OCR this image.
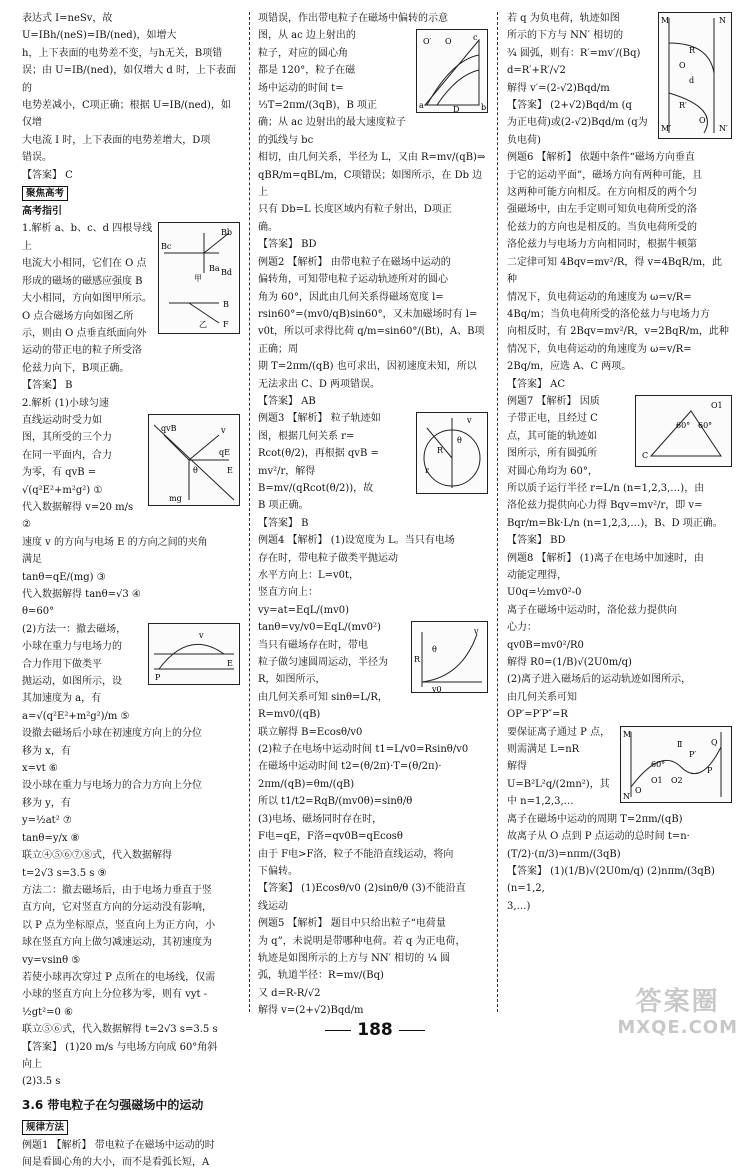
表达式 I=neSv，故 U=IBh/(neS)=IB/(ned)，如增大

h，上下表面的电势差不变，与h无关，B项错

误；由 U=IB/(ned)，如仅增大 d 时，上下表面的

电势差减小，C项正确；根据 U=IB/(ned)，如仅增

大电流 I 时，上下表面的电势差增大，D项

错误。

【答案】 C

聚焦高考
高考指引
Bb
Bc
Ba Bd
甲
B
F
乙

1.解析 a、b、c、d 四根导线上

电流大小相同，它们在 O 点

形成的磁场的磁感应强度 B

大小相同，方向如图甲所示。

O 点合磁场方向如图乙所

示，则由 O 点垂直纸面向外

运动的带正电的粒子所受洛

伦兹力向下，B项正确。

【答案】 B

2.解析 (1)小球匀速

qvB
qE
mg
v
θ	E

直线运动时受力如

图，其所受的三个力

在同一平面内，合力

为零，有 qvB =

√(q²E²+m²g²) ①

代入数据解得 v=20 m/s ②

速度 v 的方向与电场 E 的方向之间的夹角

满足

tanθ=qE/(mg) ③

代入数据解得 tanθ=√3 ④

θ=60°

P
v
E

(2)方法一：撤去磁场，

小球在重力与电场力的

合力作用下做类平

抛运动，如图所示，设

其加速度为 a，有

a=√(q²E²+m²g²)/m ⑤

设撤去磁场后小球在初速度方向上的分位

移为 x，有

x=vt ⑥

设小球在重力与电场力的合力方向上分位

移为 y，有

y=½at² ⑦

tanθ=y/x ⑧

联立④⑤⑥⑦⑧式，代入数据解得

t=2√3 s=3.5 s ⑨

方法二：撤去磁场后，由于电场力垂直于竖

直方向，它对竖直方向的分运动没有影响，

以 P 点为坐标原点，竖直向上为正方向，小

球在竖直方向上做匀减速运动，其初速度为

vy=vsinθ ⑤

若使小球再次穿过 P 点所在的电场线，仅需

小球的竖直方向上分位移为零，则有 vyt -

½gt²=0 ⑥

联立⑤⑥式，代入数据解得 t=2√3 s=3.5 s

【答案】 (1)20 m/s 与电场方向成 60°角斜

向上

(2)3.5 s

3.6 带电粒子在匀强磁场中的运动
规律方法

例题1 【解析】 带电粒子在磁场中运动的时

间是看圆心角的大小，而不是看弧长短，A

项错误，作出带电粒子在磁场中偏转的示意

O′ O
a	b
c
D

图，从 ac 边上射出的

粒子，对应的圆心角

都是 120°，粒子在磁

场中运动的时间 t=

⅓T=2πm/(3qB)，B 项正

确；从 ac 边射出的最大速度粒子的弧线与 bc

相切，由几何关系，半径为 L，又由 R=mv/(qB)⇒

qBR/m=qBL/m，C项错误；如图所示，在 Db 边上

只有 Db=L 长度区域内有粒子射出，D项正

确。

【答案】 BD

例题2 【解析】 由带电粒子在磁场中运动的

偏转角，可知带电粒子运动轨迹所对的圆心

角为 60°，因此由几何关系得磁场宽度 l=

rsin60°=(mv0/qB)sin60°，又未加磁场时有 l=

v0t，所以可求得比荷 q/m=sin60°/(Bt)，A、B项正确；周

期 T=2πm/(qB) 也可求出，因初速度未知，所以

无法求出 C、D 两项错误。

【答案】 AB

v
R
θ
r

例题3 【解析】 粒子轨迹如

图，根据几何关系 r=

Rcot(θ/2)，再根据 qvB =

mv²/r，解得 B=mv/(qRcot(θ/2))，故

B 项正确。

【答案】 B

例题4 【解析】 (1)设宽度为 L。当只有电场

存在时，带电粒子做类平抛运动

水平方向上：L=v0t，

竖直方向上：

vy=at=EqL/(mv0)

θ
R
v0
v

tanθ=vy/v0=EqL/(mv0²)

当只有磁场存在时，带电

粒子做匀速圆周运动，半径为 R，如图所示，

由几何关系可知 sinθ=L/R，R=mv0/(qB)

联立解得 B=Ecosθ/v0

(2)粒子在电场中运动时间 t1=L/v0=Rsinθ/v0

在磁场中运动时间 t2=(θ/2π)·T=(θ/2π)·

2πm/(qB)=θm/(qB)

所以 t1/t2=RqB/(mv0θ)=sinθ/θ

(3)电场、磁场同时存在时，

F电=qE，F洛=qv0B=qEcosθ

由于 F电>F洛，粒子不能沿直线运动，将向

下偏转。

【答案】 (1)Ecosθ/v0 (2)sinθ/θ (3)不能沿直

线运动

例题5 【解析】 题目中只给出粒子“电荷量

为 q”，未说明是带哪种电荷。若 q 为正电荷，

轨迹是如图所示的上方与 NN′ 相切的 ¼ 圆

弧，轨道半径：R=mv/(Bq)

又 d=R-R/√2

解得 v=(2+√2)Bqd/m

M
M′
N
N′
O
O′
R
R′
d

若 q 为负电荷，轨迹如图

所示的下方与 NN′ 相切的

¾ 圆弧，则有：R′=mv′/(Bq)

d=R′+R′/√2

解得 v′=(2-√2)Bqd/m

【答案】 (2+√2)Bqd/m (q

为正电荷)或(2-√2)Bqd/m (q为负电荷)

例题6 【解析】 依题中条件“磁场方向垂直

于它的运动平面”，磁场方向有两种可能，且

这两种可能方向相反。在方向相反的两个匀

强磁场中，由左手定则可知负电荷所受的洛

伦兹力的方向也是相反的。当负电荷所受的

洛伦兹力与电场力方向相同时，根据牛顿第

二定律可知 4Bqv=mv²/R，得 v=4BqR/m，此种

情况下，负电荷运动的角速度为 ω=v/R=

4Bq/m；当负电荷所受的洛伦兹力与电场力方

向相反时，有 2Bqv=mv²/R，v=2BqR/m，此种

情况下，负电荷运动的角速度为 ω=v/R=

2Bq/m，应选 A、C 两项。

【答案】 AC

O1
60° 60°
C

例题7 【解析】 因质

子带正电，且经过 C

点，其可能的轨迹如

图所示，所有圆弧所

对圆心角均为 60°，

所以质子运行半径 r=L/n (n=1,2,3,…)，由

洛伦兹力提供向心力得 Bqv=mv²/r，即 v=

Bqr/m=Bk·L/n (n=1,2,3,…)，B、D 项正确。

【答案】 BD

例题8 【解析】 (1)离子在电场中加速时，由

动能定理得，

U0q=½mv0²-0

离子在磁场中运动时，洛伦兹力提供向

心力：

qv0B=mv0²/R0

解得 R0=(1/B)√(2U0m/q)

(2)离子进入磁场后的运动轨迹如图所示，

由几何关系可知

OP′=P′P″=R

M
N
O
P
Q
Ⅱ
60°
O1 O2
P′

要保证离子通过 P 点，

则需满足 L=nR

解得 U=B²L²q/(2mn²)，其中 n=1,2,3,…

离子在磁场中运动的周期 T=2πm/(qB)

故离子从 O 点到 P 点运动的总时间 t=n·

(T/2)·(π/3)=nπm/(3qB)

【答案】 (1)(1/B)√(2U0m/q) (2)nπm/(3qB) (n=1,2,

3,…)

188
答案圈
MXQE.COM
